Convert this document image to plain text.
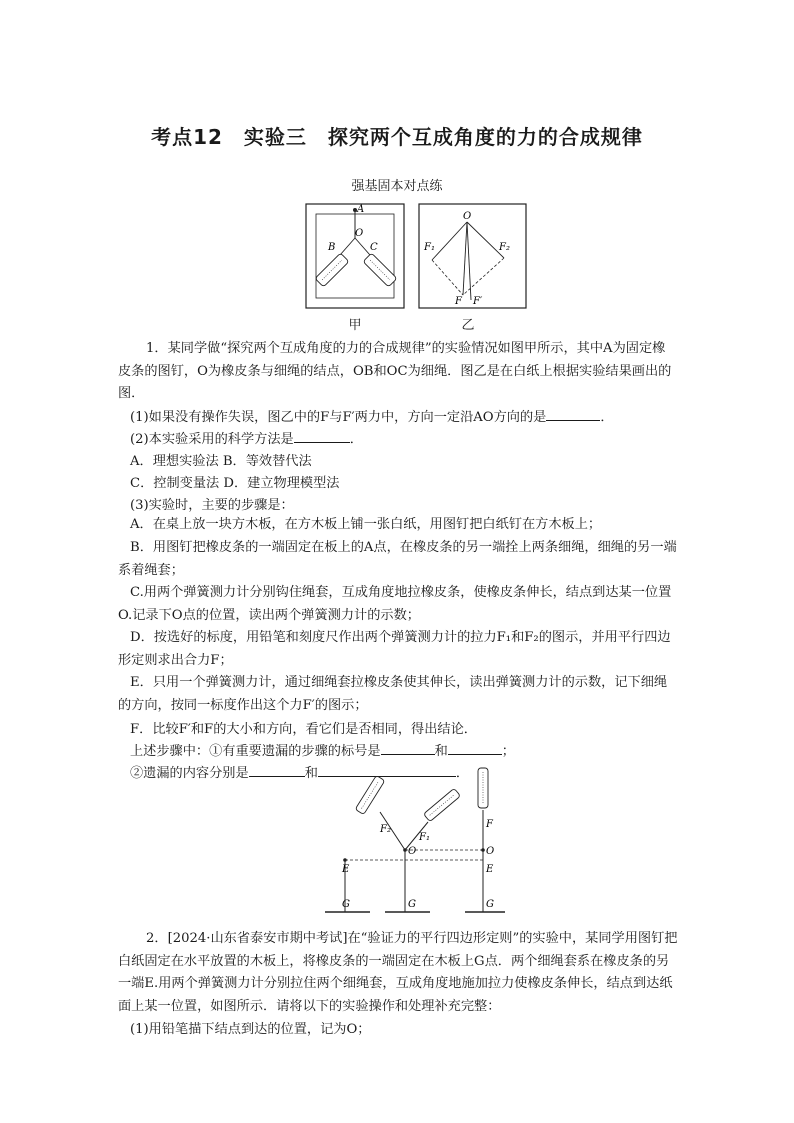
考点12　实验三　探究两个互成角度的力的合成规律
强基固本对点练
A
B
O
C
O
F₁	F₂
F F′
甲	乙
1．某同学做“探究两个互成角度的力的合成规律”的实验情况如图甲所示，其中A为固定橡皮条的图钉，O为橡皮条与细绳的结点，OB和OC为细绳．图乙是在白纸上根据实验结果画出的图．
(1)如果没有操作失误，图乙中的F与F′两力中，方向一定沿AO方向的是	．
(2)本实验采用的科学方法是	．
A．理想实验法 B．等效替代法
C．控制变量法 D．建立物理模型法
(3)实验时，主要的步骤是：
A．在桌上放一块方木板，在方木板上铺一张白纸，用图钉把白纸钉在方木板上；
B．用图钉把橡皮条的一端固定在板上的A点，在橡皮条的另一端拴上两条细绳，细绳的另一端系着绳套；
C.用两个弹簧测力计分别钩住绳套，互成角度地拉橡皮条，使橡皮条伸长，结点到达某一位置O.记录下O点的位置，读出两个弹簧测力计的示数；
D．按选好的标度，用铅笔和刻度尺作出两个弹簧测力计的拉力F₁和F₂的图示，并用平行四边形定则求出合力F；
E．只用一个弹簧测力计，通过细绳套拉橡皮条使其伸长，读出弹簧测力计的示数，记下细绳的方向，按同一标度作出这个力F′的图示；
F．比较F′和F的大小和方向，看它们是否相同，得出结论．
上述步骤中：①有重要遗漏的步骤的标号是	和	；
②遗漏的内容分别是	和	．
F₂
F₁
O
E
G	G
F
O
E
G
2．[2024·山东省泰安市期中考试]在“验证力的平行四边形定则”的实验中，某同学用图钉把白纸固定在水平放置的木板上，将橡皮条的一端固定在木板上G点．两个细绳套系在橡皮条的另一端E.用两个弹簧测力计分别拉住两个细绳套，互成角度地施加拉力使橡皮条伸长，结点到达纸面上某一位置，如图所示．请将以下的实验操作和处理补充完整：
(1)用铅笔描下结点到达的位置，记为O；
